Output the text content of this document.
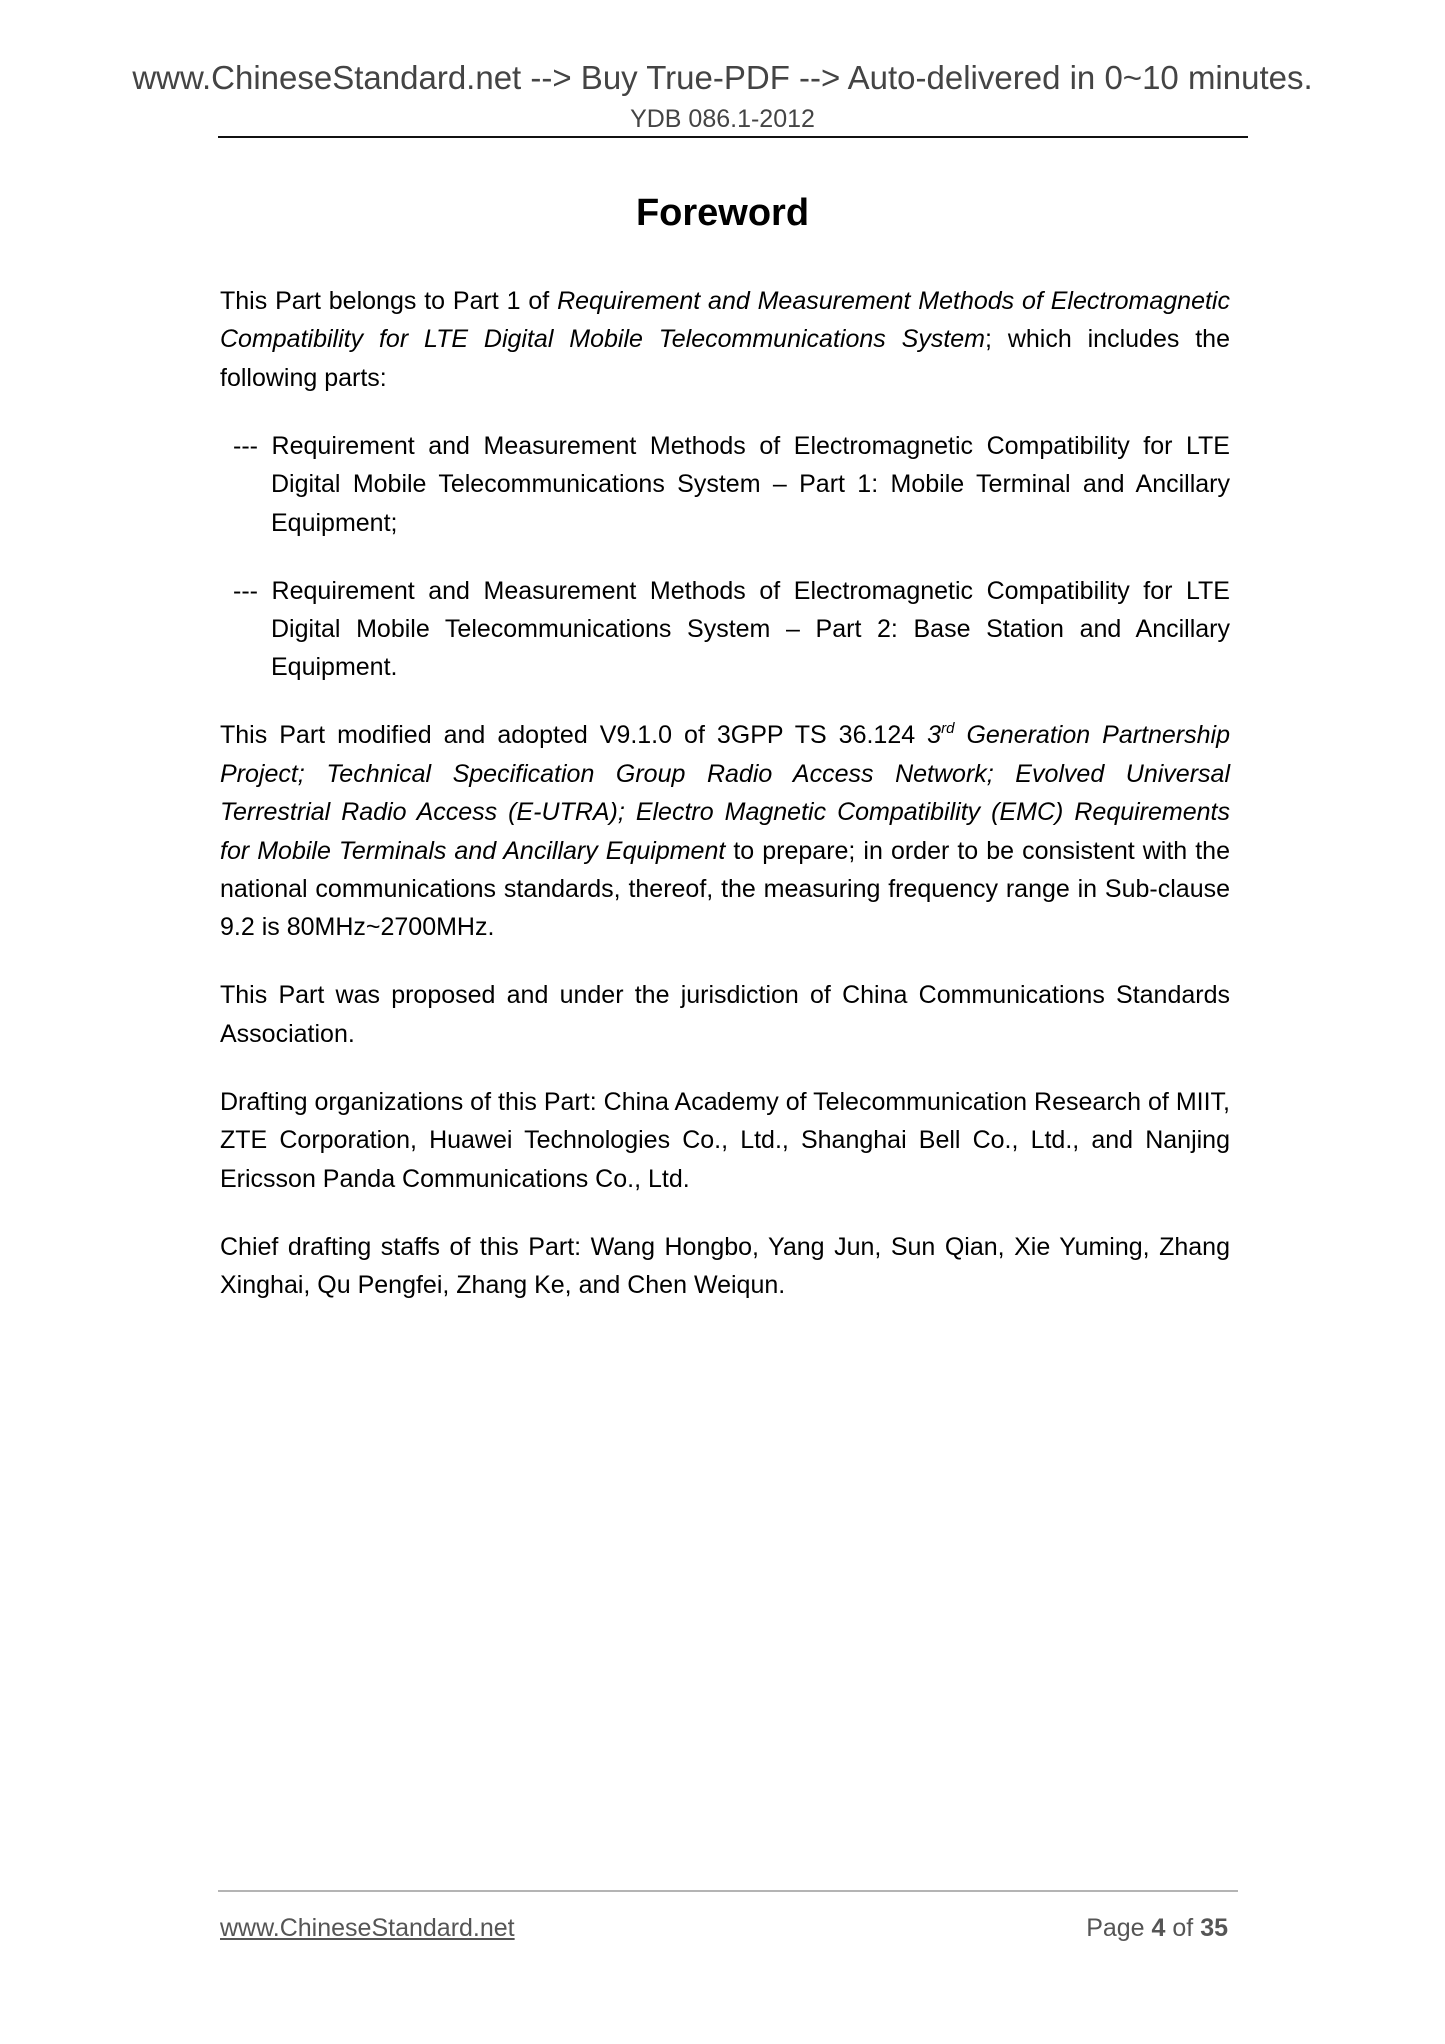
www.ChineseStandard.net --> Buy True-PDF --> Auto-delivered in 0~10 minutes.
YDB 086.1-2012
Foreword

This Part belongs to Part 1 of Requirement and Measurement Methods of Electromagnetic Compatibility for LTE Digital Mobile Telecommunications System; which includes the following parts:

--- Requirement and Measurement Methods of Electromagnetic Compatibility for LTE Digital Mobile Telecommunications System – Part 1: Mobile Terminal and Ancillary Equipment;

--- Requirement and Measurement Methods of Electromagnetic Compatibility for LTE Digital Mobile Telecommunications System – Part 2: Base Station and Ancillary Equipment.

This Part modified and adopted V9.1.0 of 3GPP TS 36.124 3rd Generation Partnership Project; Technical Specification Group Radio Access Network; Evolved Universal Terrestrial Radio Access (E-UTRA); Electro Magnetic Compatibility (EMC) Requirements for Mobile Terminals and Ancillary Equipment to prepare; in order to be consistent with the national communications standards, thereof, the measuring frequency range in Sub-clause 9.2 is 80MHz~2700MHz.

This Part was proposed and under the jurisdiction of China Communications Standards Association.

Drafting organizations of this Part: China Academy of Telecommunication Research of MIIT, ZTE Corporation, Huawei Technologies Co., Ltd., Shanghai Bell Co., Ltd., and Nanjing Ericsson Panda Communications Co., Ltd.

Chief drafting staffs of this Part: Wang Hongbo, Yang Jun, Sun Qian, Xie Yuming, Zhang Xinghai, Qu Pengfei, Zhang Ke, and Chen Weiqun.

www.ChineseStandard.net	Page 4 of 35
